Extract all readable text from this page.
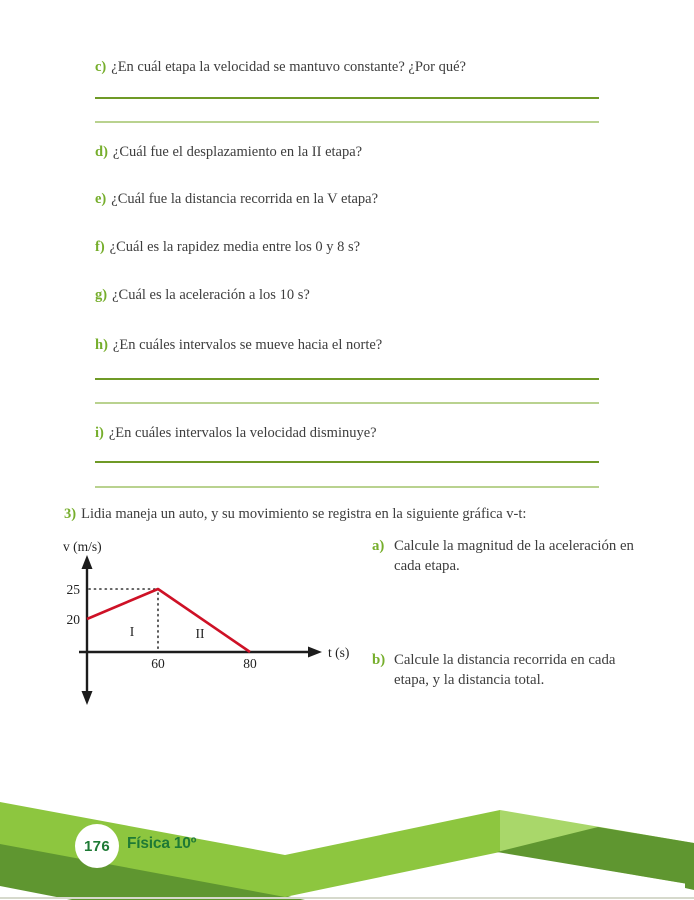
c) ¿En cuál etapa la velocidad se mantuvo constante? ¿Por qué?
d) ¿Cuál fue el desplazamiento en la II etapa?
e) ¿Cuál fue la distancia recorrida en la V etapa?
f) ¿Cuál es la rapidez media entre los 0 y 8 s?
g) ¿Cuál es la aceleración a los 10 s?
h) ¿En cuáles intervalos se mueve hacia el norte?
i) ¿En cuáles intervalos la velocidad disminuye?
3) Lidia maneja un auto, y su movimiento se registra en la siguiente gráfica v-t:
v (m/s)
t (s)
25
20
60	80
I	II
a) Calcule la magnitud de la aceleración en cada etapa.
b) Calcule la distancia recorrida en cada etapa, y la distancia total.
176 Física 10º
